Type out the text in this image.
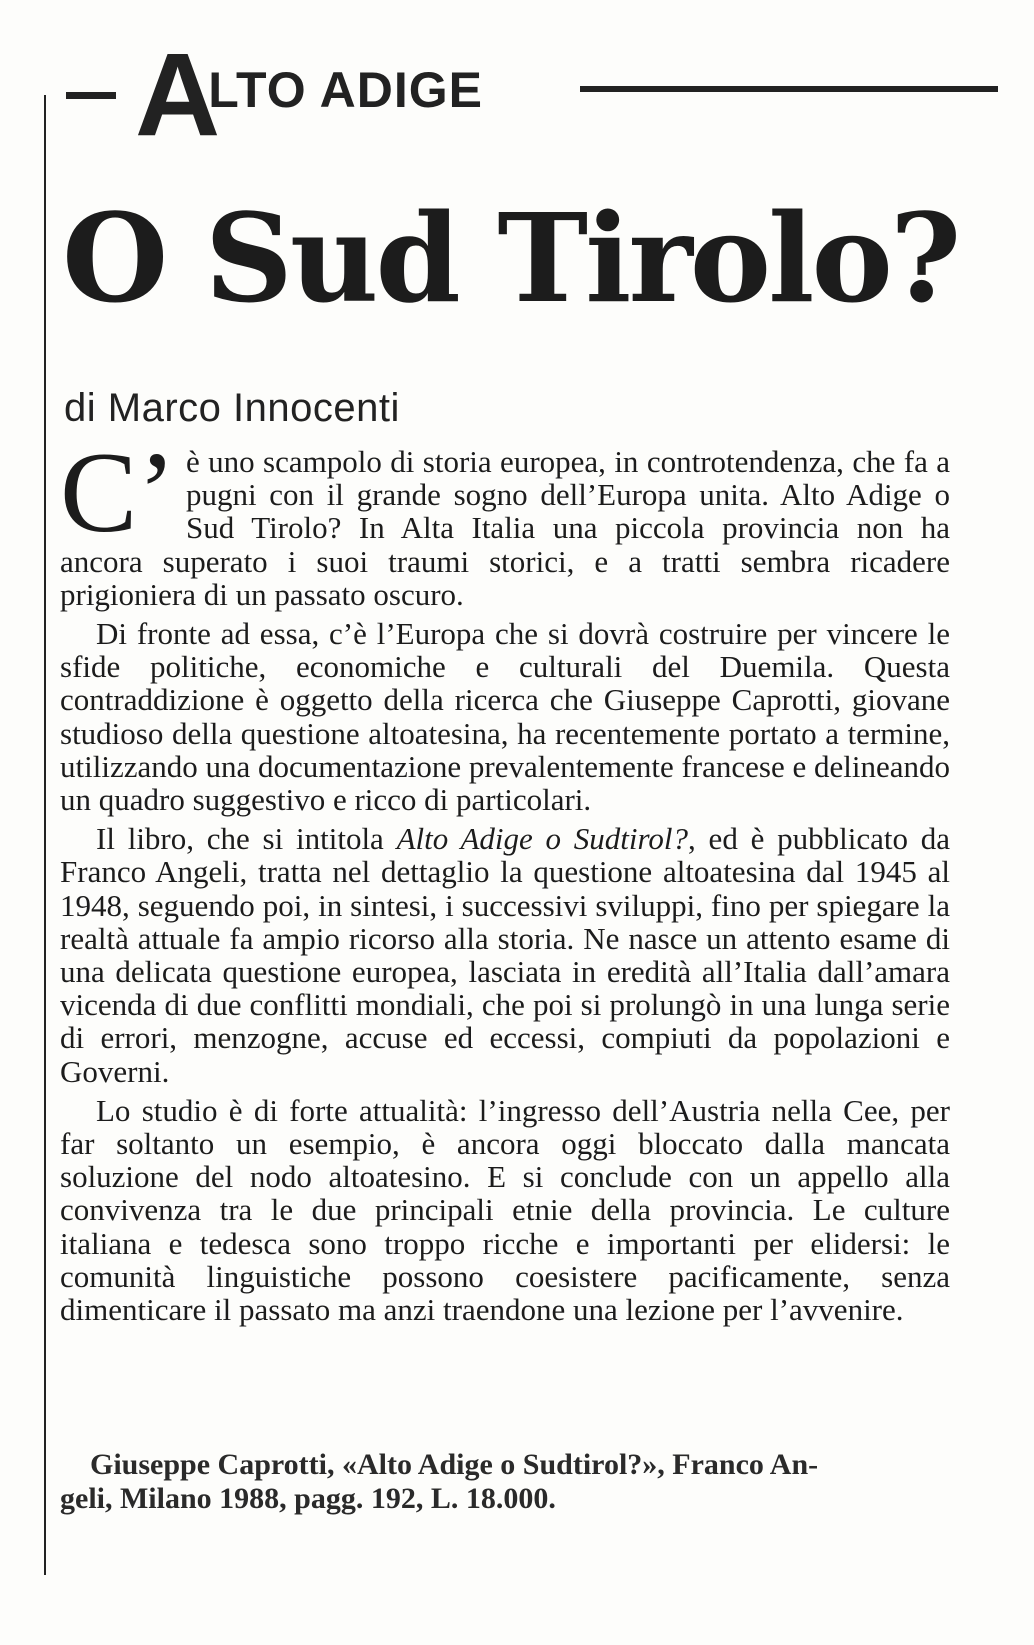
ALTO ADIGE
O Sud Tirolo?
di Marco Innocenti

C’ è uno scampolo di storia europea, in controtendenza, che fa a pugni con il grande sogno dell’Europa unita. Alto Adige o Sud Tirolo? In Alta Italia una piccola provincia non ha ancora superato i suoi traumi storici, e a tratti sembra ricadere prigioniera di un passato oscuro.

Di fronte ad essa, c’è l’Europa che si dovrà costruire per vincere le sfide politiche, economiche e culturali del Duemila. Questa contraddizione è oggetto della ricerca che Giuseppe Caprotti, giovane studioso della questione altoatesina, ha recentemente portato a termine, utilizzando una documentazione prevalentemente francese e delineando un quadro suggestivo e ricco di particolari.

Il libro, che si intitola Alto Adige o Sudtirol?, ed è pubblicato da Franco Angeli, tratta nel dettaglio la questione altoatesina dal 1945 al 1948, seguendo poi, in sintesi, i successivi sviluppi, fino per spiegare la realtà attuale fa ampio ricorso alla storia. Ne nasce un attento esame di una delicata questione europea, lasciata in eredità all’Italia dall’amara vicenda di due conflitti mondiali, che poi si prolungò in una lunga serie di errori, menzogne, accuse ed eccessi, compiuti da popolazioni e Governi.

Lo studio è di forte attualità: l’ingresso dell’Austria nella Cee, per far soltanto un esempio, è ancora oggi bloccato dalla mancata soluzione del nodo altoatesino. E si conclude con un appello alla convivenza tra le due principali etnie della provincia. Le culture italiana e tedesca sono troppo ricche e importanti per elidersi: le comunità linguistiche possono coesistere pacificamente, senza dimenticare il passato ma anzi traendone una lezione per l’avvenire.

Giuseppe Caprotti, «Alto Adige o Sudtirol?», Franco An-
geli, Milano 1988, pagg. 192, L. 18.000.
